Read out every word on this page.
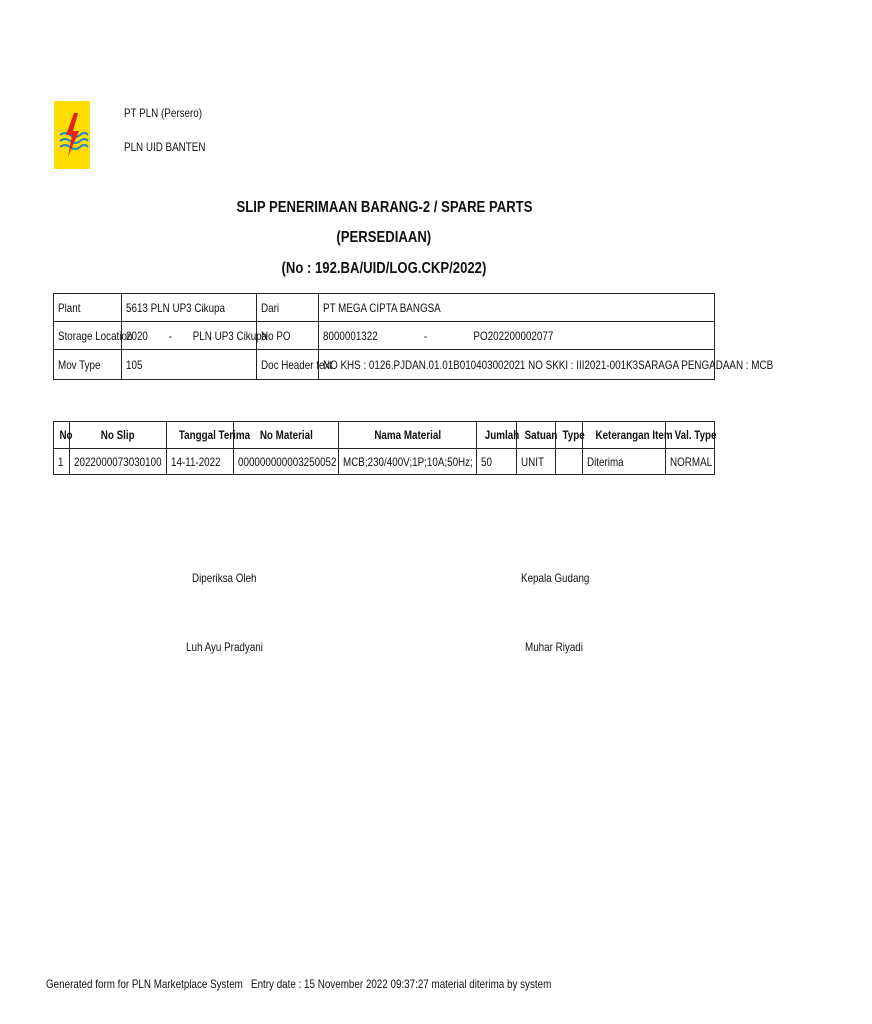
PT PLN (Persero)
PLN UID BANTEN
SLIP PENERIMAAN BARANG-2 / SPARE PARTS
(PERSEDIAAN)
(No : 192.BA/UID/LOG.CKP/2022)
Plant	5613 PLN UP3 Cikupa	Dari	PT MEGA CIPTA BANGSA
Storage Location	2020 - PLN UP3 Cikupa	No PO	8000001322 - PO202200002077
Mov Type	105	Doc Header text	NO KHS : 0126.PJDAN.01.01B010403002021 NO SKKI : III2021-001K3SARAGA PENGADAAN : MCB
No	No Slip	Tanggal Terima	No Material	Nama Material	Jumlah	Satuan	Type	Keterangan Item	Val. Type
1	2022000073030100	14-11-2022	000000000003250052	MCB;230/400V;1P;10A;50Hz;	50	UNIT		Diterima	NORMAL
Diperiksa Oleh	Kepala Gudang
Luh Ayu Pradyani	Muhar Riyadi
Generated form for PLN Marketplace System Entry date : 15 November 2022 09:37:27 material diterima by system
